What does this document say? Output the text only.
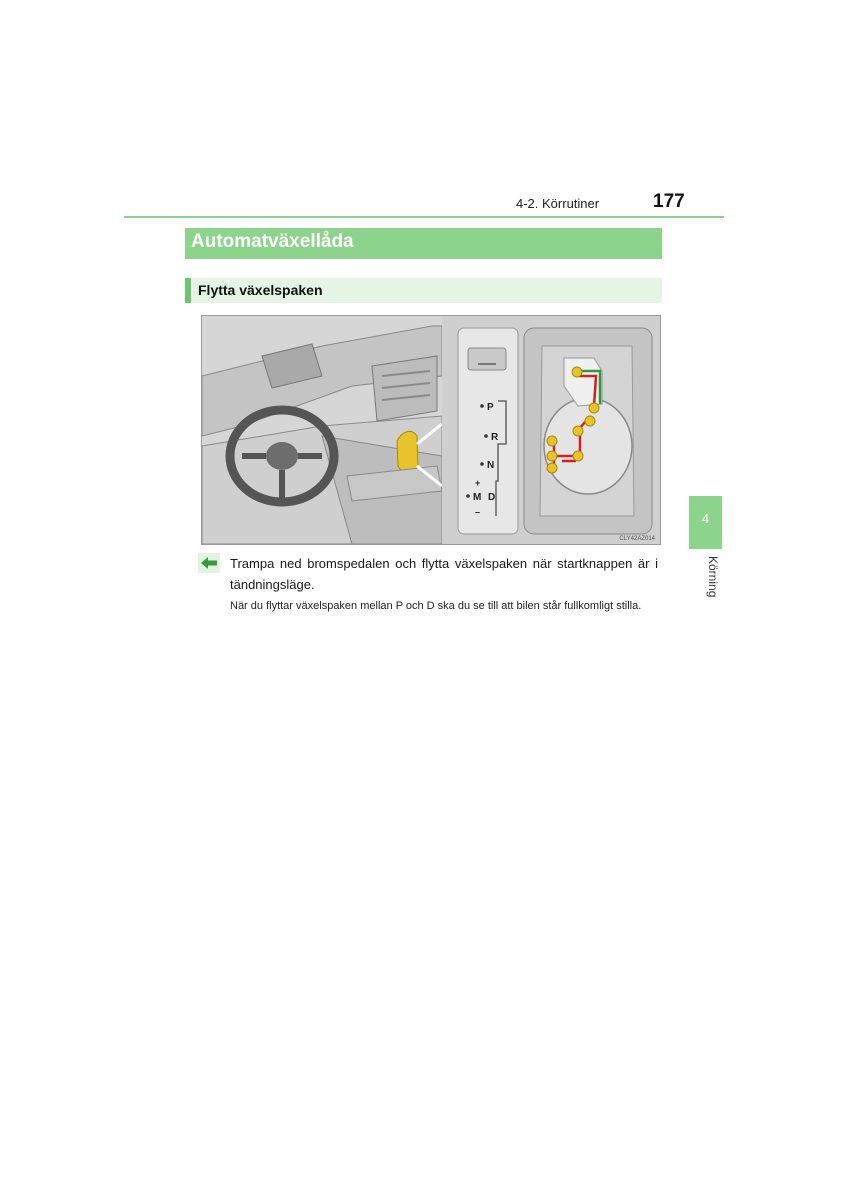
4-2. Körrutiner	177
Automatväxellåda
Flytta växelspaken
P
R
N
+
M D
–
CLY42AZ014
Trampa ned bromspedalen och flytta växelspaken när startknappen är i tändningsläge.
När du flyttar växelspaken mellan P och D ska du se till att bilen står fullkomligt stilla.
4
Körning
